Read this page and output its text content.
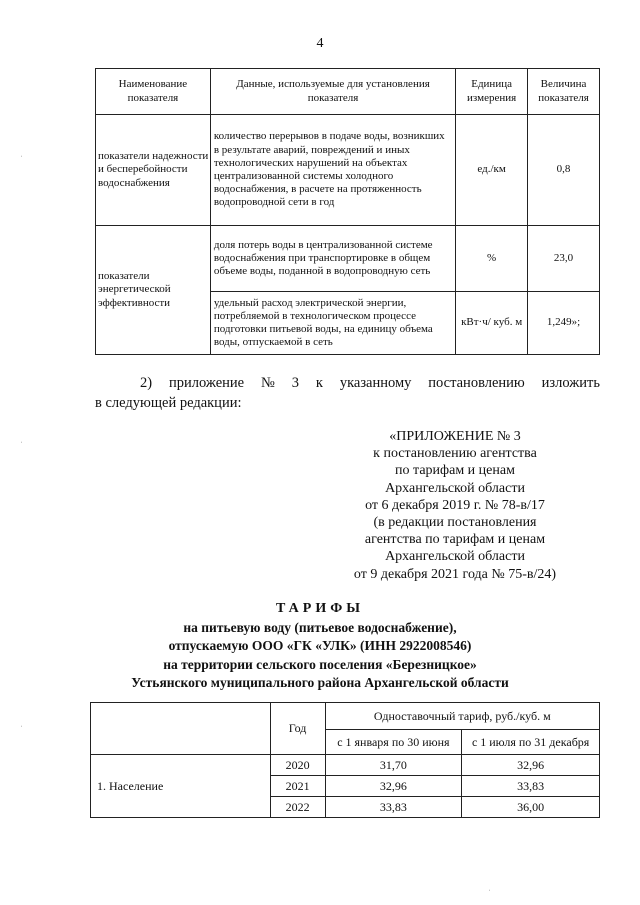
4
Наименование показателя	Данные, используемые для установления показателя	Единица измерения	Величина показателя
показатели надежности и бесперебойности водоснабжения	количество перерывов в подаче воды, возникших в результате аварий, повреждений и иных технологических нарушений на объектах централизованной системы холодного водоснабжения, в расчете на протяженность водопроводной сети в год	ед./км	0,8
показатели энергетической эффективности	доля потерь воды в централизованной системе водоснабжения при транспортировке в общем объеме воды, поданной в водопроводную сеть	%	23,0
	удельный расход электрической энергии, потребляемой в технологическом процессе подготовки питьевой воды, на единицу объема воды, отпускаемой в сеть	кВт·ч/ куб. м	1,249»;
2) приложение № 3 к указанному постановлению изложить
в следующей редакции:
«ПРИЛОЖЕНИЕ № 3
к постановлению агентства
по тарифам и ценам
Архангельской области
от 6 декабря 2019 г. № 78-в/17
(в редакции постановления
агентства по тарифам и ценам
Архангельской области
от 9 декабря 2021 года № 75-в/24)
ТАРИФЫ
на питьевую воду (питьевое водоснабжение),
отпускаемую ООО «ГК «УЛК» (ИНН 2922008546)
на территории сельского поселения «Березницкое»
Устьянского муниципального района Архангельской области
	Год	Одноставочный тариф, руб./куб. м	
		с 1 января по 30 июня	с 1 июля по 31 декабря
1. Население	2020	31,70	32,96
	2021	32,96	33,83
	2022	33,83	36,00
ˌ
ˌ
ˌ
ˌ
